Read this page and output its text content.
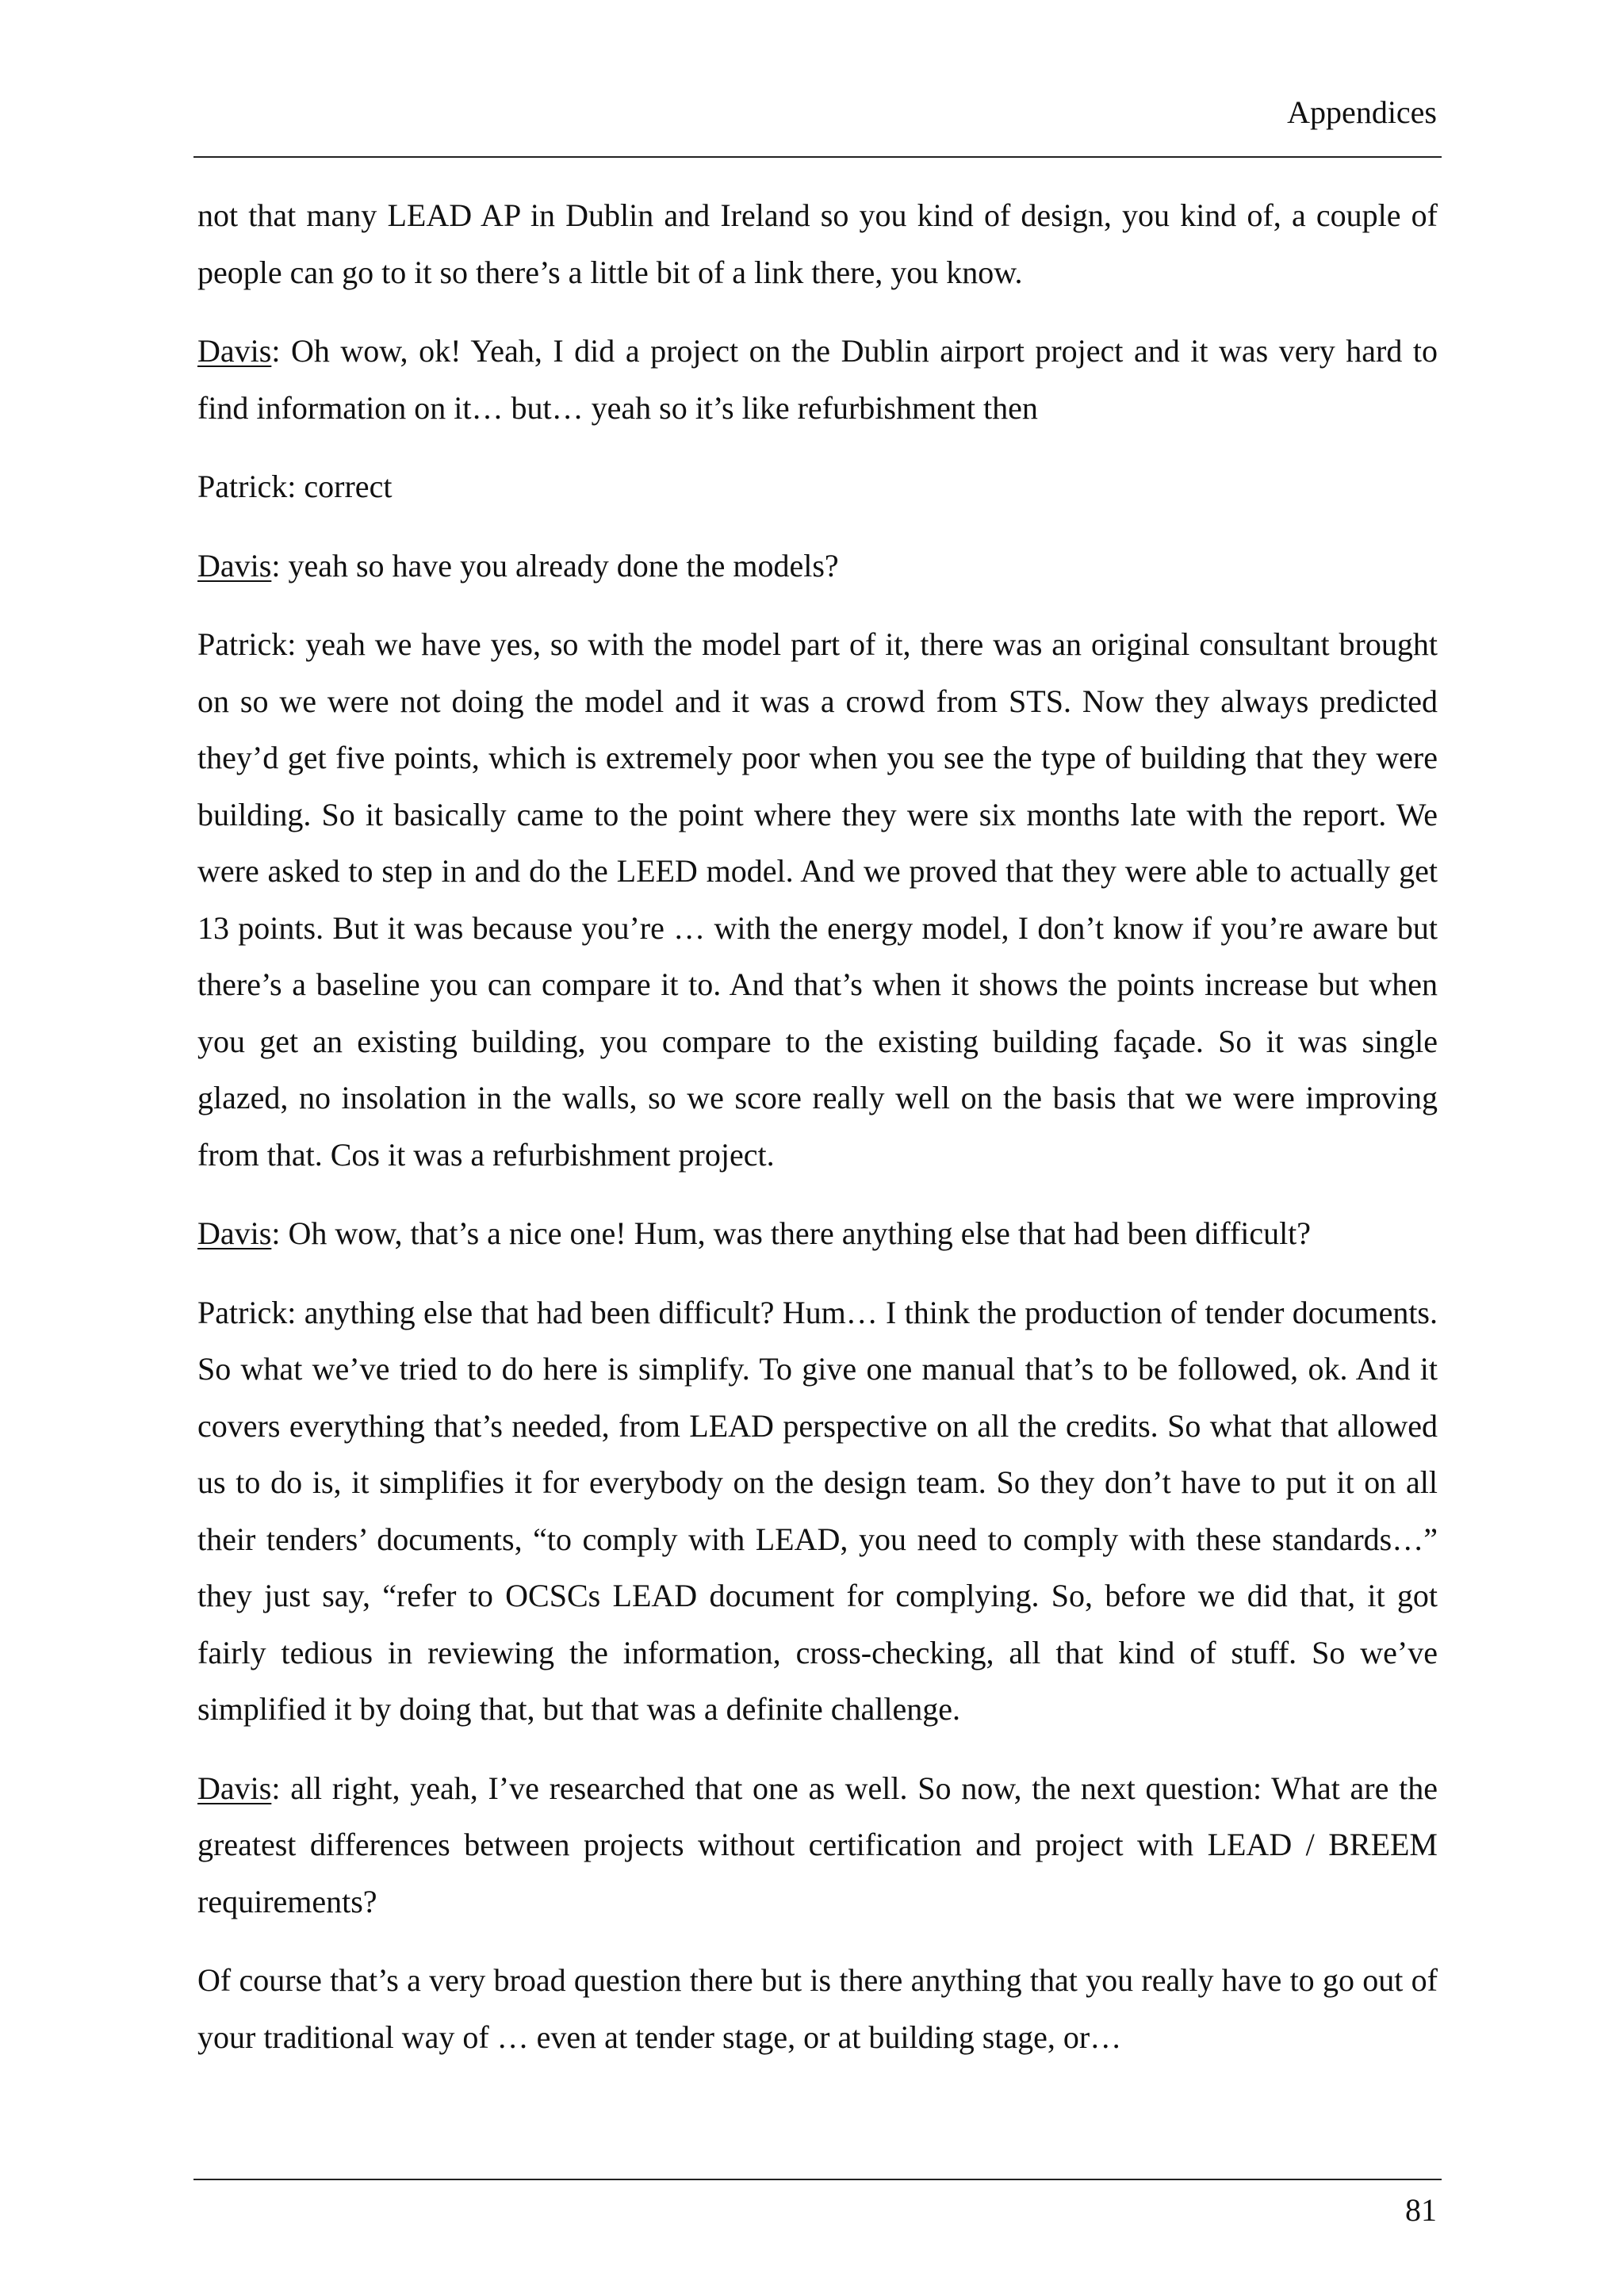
Appendices

not that many LEAD AP in Dublin and Ireland so you kind of design, you kind of, a couple of people can go to it so there’s a little bit of a link there, you know.

Davis: Oh wow, ok! Yeah, I did a project on the Dublin airport project and it was very hard to find information on it… but… yeah so it’s like refurbishment then

Patrick: correct

Davis: yeah so have you already done the models?

Patrick: yeah we have yes, so with the model part of it, there was an original consultant brought on so we were not doing the model and it was a crowd from STS. Now they always predicted they’d get five points, which is extremely poor when you see the type of building that they were building. So it basically came to the point where they were six months late with the report. We were asked to step in and do the LEED model. And we proved that they were able to actually get 13 points. But it was because you’re … with the energy model, I don’t know if you’re aware but there’s a baseline you can compare it to. And that’s when it shows the points increase but when you get an existing building, you compare to the existing building façade. So it was single glazed, no insolation in the walls, so we score really well on the basis that we were improving from that. Cos it was a refurbishment project.

Davis: Oh wow, that’s a nice one! Hum, was there anything else that had been difficult?

Patrick: anything else that had been difficult? Hum… I think the production of tender documents. So what we’ve tried to do here is simplify. To give one manual that’s to be followed, ok. And it covers everything that’s needed, from LEAD perspective on all the credits. So what that allowed us to do is, it simplifies it for everybody on the design team. So they don’t have to put it on all their tenders’ documents, “to comply with LEAD, you need to comply with these standards…” they just say, “refer to OCSCs LEAD document for complying. So, before we did that, it got fairly tedious in reviewing the information, cross-checking, all that kind of stuff. So we’ve simplified it by doing that, but that was a definite challenge.

Davis: all right, yeah, I’ve researched that one as well. So now, the next question: What are the greatest differences between projects without certification and project with LEAD / BREEM requirements?

Of course that’s a very broad question there but is there anything that you really have to go out of your traditional way of … even at tender stage, or at building stage, or…

81
